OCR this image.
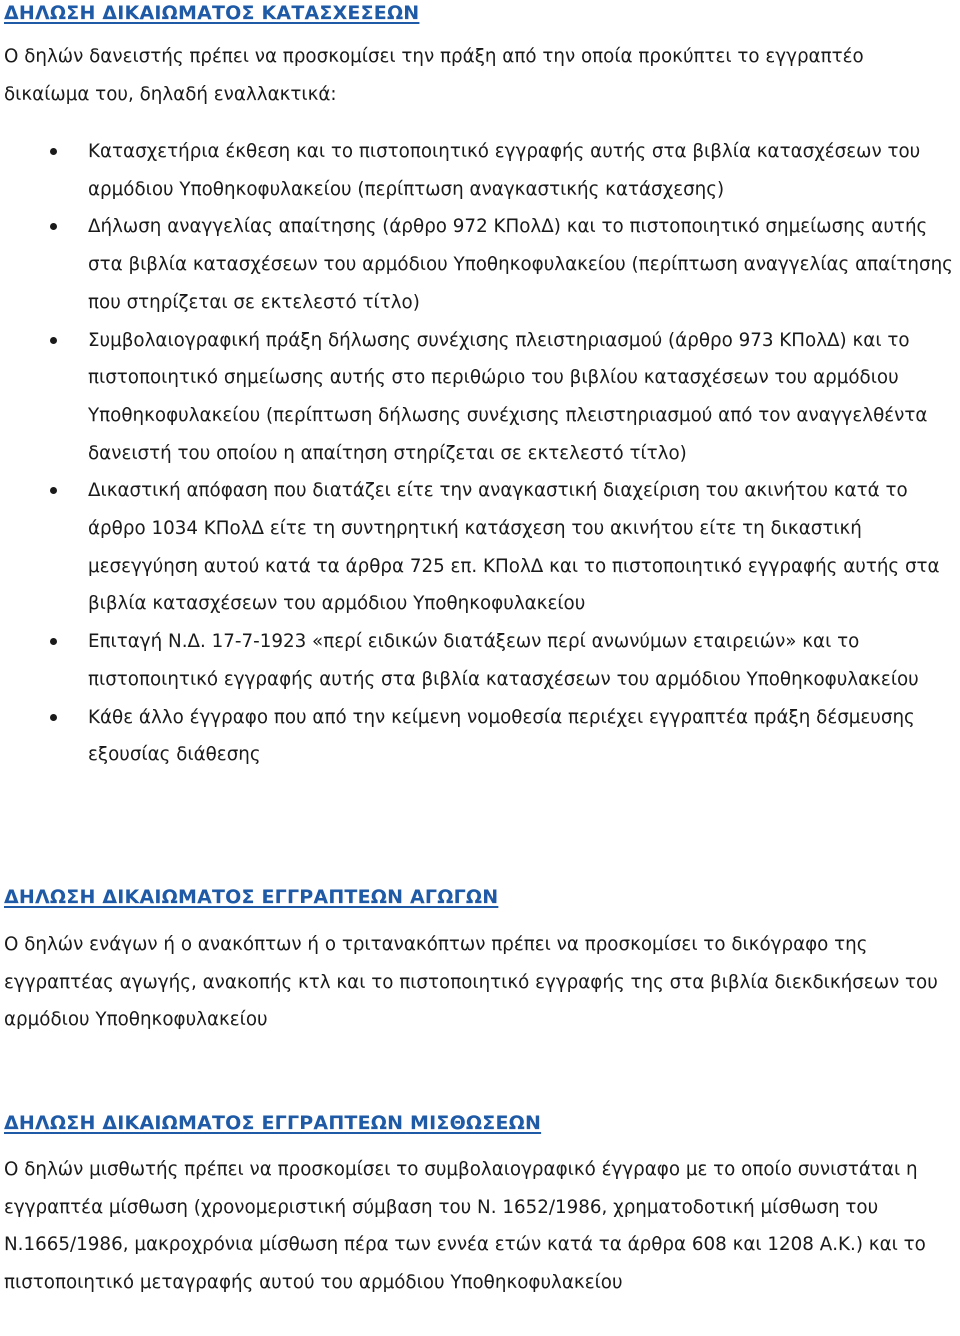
ΔΗΛΩΣΗ ΔΙΚΑΙΩΜΑΤΟΣ ΚΑΤΑΣΧΕΣΕΩΝ

Ο δηλών δανειστής πρέπει να προσκομίσει την πράξη από την οποία προκύπτει το εγγραπτέο δικαίωμα του, δηλαδή εναλλακτικά:

Κατασχετήρια έκθεση και το πιστοποιητικό εγγραφής αυτής στα βιβλία κατασχέσεων του αρμόδιου Υποθηκοφυλακείου (περίπτωση αναγκαστικής κατάσχεσης)
Δήλωση αναγγελίας απαίτησης (άρθρο 972 ΚΠολΔ) και το πιστοποιητικό σημείωσης αυτής στα βιβλία κατασχέσεων του αρμόδιου Υποθηκοφυλακείου (περίπτωση αναγγελίας απαίτησης που στηρίζεται σε εκτελεστό τίτλο)
Συμβολαιογραφική πράξη δήλωσης συνέχισης πλειστηριασμού (άρθρο 973 ΚΠολΔ) και το πιστοποιητικό σημείωσης αυτής στο περιθώριο του βιβλίου κατασχέσεων του αρμόδιου Υποθηκοφυλακείου (περίπτωση δήλωσης συνέχισης πλειστηριασμού από τον αναγγελθέντα δανειστή του οποίου η απαίτηση στηρίζεται σε εκτελεστό τίτλο)
Δικαστική απόφαση που διατάζει είτε την αναγκαστική διαχείριση του ακινήτου κατά το άρθρο 1034 ΚΠολΔ είτε τη συντηρητική κατάσχεση του ακινήτου είτε τη δικαστική μεσεγγύηση αυτού κατά τα άρθρα 725 επ. ΚΠολΔ και το πιστοποιητικό εγγραφής αυτής στα βιβλία κατασχέσεων του αρμόδιου Υποθηκοφυλακείου
Επιταγή Ν.Δ. 17-7-1923 «περί ειδικών διατάξεων περί ανωνύμων εταιρειών» και το πιστοποιητικό εγγραφής αυτής στα βιβλία κατασχέσεων του αρμόδιου Υποθηκοφυλακείου
Κάθε άλλο έγγραφο που από την κείμενη νομοθεσία περιέχει εγγραπτέα πράξη δέσμευσης εξουσίας διάθεσης
ΔΗΛΩΣΗ ΔΙΚΑΙΩΜΑΤΟΣ ΕΓΓΡΑΠΤΕΩΝ ΑΓΩΓΩΝ

Ο δηλών ενάγων ή ο ανακόπτων ή ο τριτανακόπτων πρέπει να προσκομίσει το δικόγραφο της εγγραπτέας αγωγής, ανακοπής κτλ και το πιστοποιητικό εγγραφής της στα βιβλία διεκδικήσεων του αρμόδιου Υποθηκοφυλακείου

ΔΗΛΩΣΗ ΔΙΚΑΙΩΜΑΤΟΣ ΕΓΓΡΑΠΤΕΩΝ ΜΙΣΘΩΣΕΩΝ

Ο δηλών μισθωτής πρέπει να προσκομίσει το συμβολαιογραφικό έγγραφο με το οποίο συνιστάται η εγγραπτέα μίσθωση (χρονομεριστική σύμβαση του Ν. 1652/1986, χρηματοδοτική μίσθωση του Ν.1665/1986, μακροχρόνια μίσθωση πέρα των εννέα ετών κατά τα άρθρα 608 και 1208 Α.Κ.) και το πιστοποιητικό μεταγραφής αυτού του αρμόδιου Υποθηκοφυλακείου
